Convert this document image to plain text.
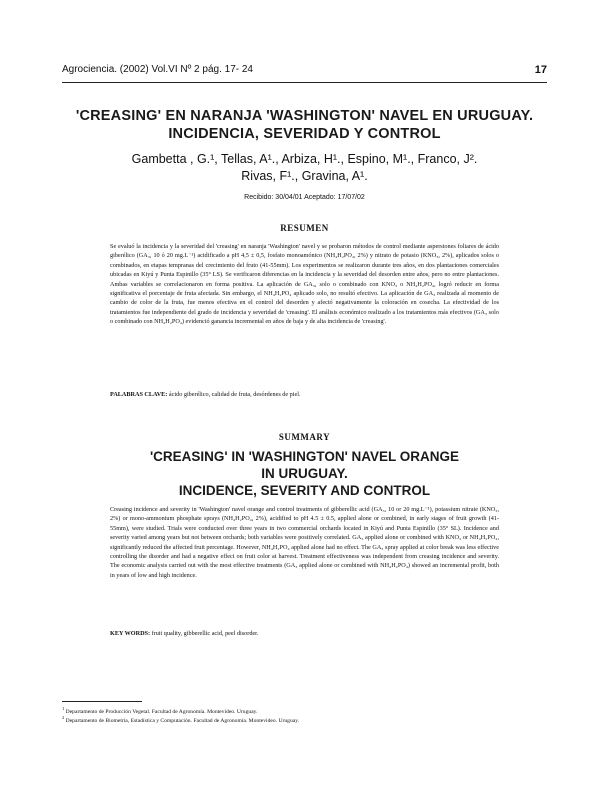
Agrociencia. (2002) Vol.VI Nº 2 pág. 17- 24	17
'CREASING' EN NARANJA 'WASHINGTON' NAVEL EN URUGUAY.
INCIDENCIA, SEVERIDAD Y CONTROL
Gambetta , G.¹, Tellas, A¹., Arbiza, H¹., Espino, M¹., Franco, J².
Rivas, F¹., Gravina, A¹.
Recibido: 30/04/01 Aceptado: 17/07/02
RESUMEN
Se evaluó la incidencia y la severidad del 'creasing' en naranja 'Washington' navel y se probaron métodos de control mediante aspersiones foliares de ácido giberélico (GA₃, 10 ó 20 mg.L⁻¹) acidificado a pH 4,5 ± 0,5, fosfato monoamónico (NH₄H₂PO₄, 2%) y nitrato de potasio (KNO₃, 2%), aplicados solos o combinados, en etapas tempranas del crecimiento del fruto (41-55mm). Los experimentos se realizaron durante tres años, en dos plantaciones comerciales ubicadas en Kiyú y Punta Espinillo (35° LS). Se verificaron diferencias en la incidencia y la severidad del desorden entre años, pero no entre plantaciones. Ambas variables se correlacionaron en forma positiva. La aplicación de GA₃, solo o combinado con KNO₃ o NH₄H₂PO₄, logró reducir en forma significativa el porcentaje de fruta afectada. Sin embargo, el NH₄H₂PO₄ aplicado solo, no resultó efectivo. La aplicación de GA₃ realizada al momento de cambio de color de la fruta, fue menos efectiva en el control del desorden y afectó negativamente la coloración en cosecha. La efectividad de los tratamientos fue independiente del grado de incidencia y severidad de 'creasing'. El análisis económico realizado a los tratamientos más efectivos (GA₃ solo o combinado con NH₄H₂PO₄) evidenció ganancia incremental en años de baja y de alta incidencia de 'creasing'.
PALABRAS CLAVE: ácido giberélico, calidad de fruta, desórdenes de piel.
SUMMARY
'CREASING' IN 'WASHINGTON' NAVEL ORANGE
IN URUGUAY.
INCIDENCE, SEVERITY AND CONTROL
Creasing incidence and severity in 'Washington' navel orange and control treatments of gibberellic acid (GA₃, 10 or 20 mg.L⁻¹), potassium nitrate (KNO₃, 2%) or mono-ammonium phosphate sprays (NH₄H₂PO₄, 2%), acidified to pH 4.5 ± 0.5, applied alone or combined, in early stages of fruit growth (41-55mm), were studied. Trials were conducted over three years in two commercial orchards located in Kiyú and Punta Espinillo (35° SL). Incidence and severity varied among years but not between orchards; both variables were positively correlated. GA₃ applied alone or combined with KNO₃ or NH₄H₂PO₄, significantly reduced the affected fruit percentage. However, NH₄H₂PO₄ applied alone had no effect. The GA₃ spray applied at color break was less effective controlling the disorder and had a negative effect on fruit color at harvest. Treatment effectiveness was independent from creasing incidence and severity. The economic analysis carried out with the most effective treatments (GA₃ applied alone or combined with NH₄H₂PO₄) showed an incremental profit, both in years of low and high incidence.
KEY WORDS: fruit quality, gibberellic acid, peel disorder.
$^1$ Departamento de Producción Vegetal. Facultad de Agronomía. Montevideo. Uruguay.
$^2$ Departamento de Biometría, Estadística y Computación. Facultad de Agronomía. Montevideo. Uruguay.
